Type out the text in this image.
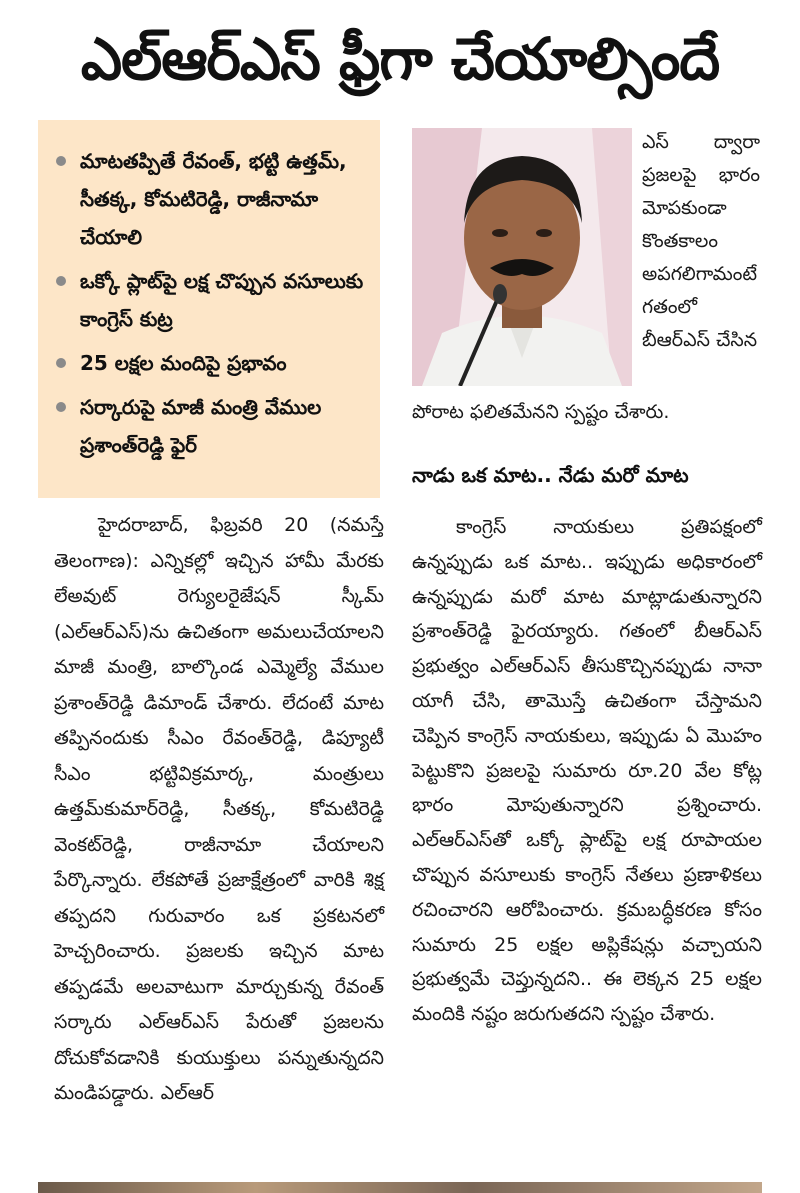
ఎల్‌ఆర్‌ఎస్‌ ఫ్రీగా చేయాల్సిందే
మాటతప్పితే రేవంత్‌, భట్టి ఉత్తమ్‌, సీతక్క, కోమటిరెడ్డి, రాజీనామా చేయాలి
ఒక్కో ప్లాట్‌పై లక్ష చొప్పున వసూలుకు కాంగ్రెస్‌ కుట్ర
25 లక్షల మందిపై ప్రభావం
సర్కారుపై మాజీ మంత్రి వేముల ప్రశాంత్‌రెడ్డి ఫైర్‌
హైదరాబాద్‌, ఫిబ్రవరి 20 (నమస్తే తెలంగాణ): ఎన్నికల్లో ఇచ్చిన హామీ మేరకు లేఅవుట్‌ రెగ్యులరైజేషన్‌ స్కీమ్‌ (ఎల్‌ఆర్‌ఎస్‌)ను ఉచితంగా అమలుచేయాలని మాజీ మంత్రి, బాల్కొండ ఎమ్మెల్యే వేముల ప్రశాంత్‌రెడ్డి డిమాండ్‌ చేశారు. లేదంటే మాట తప్పినందుకు సీఎం రేవంత్‌రెడ్డి, డిప్యూటీ సీఎం భట్టివిక్రమార్క, మంత్రులు ఉత్తమ్‌కుమార్‌రెడ్డి, సీతక్క, కోమటిరెడ్డి వెంకట్‌రెడ్డి, రాజీనామా చేయాలని పేర్కొన్నారు. లేకపోతే ప్రజాక్షేత్రంలో వారికి శిక్ష తప్పదని గురువారం ఒక ప్రకటనలో హెచ్చరించారు. ప్రజలకు ఇచ్చిన మాట తప్పడమే అలవాటుగా మార్చుకున్న రేవంత్‌ సర్కారు ఎల్‌ఆర్‌ఎస్‌ పేరుతో ప్రజలను దోచుకోవడానికి కుయుక్తులు పన్నుతున్నదని మండిపడ్డారు. ఎల్‌ఆర్‌
ఎస్‌ ద్వారా ప్రజలపై భారం మోపకుండా కొంతకాలం అపగలిగామంటే గతంలో బీఆర్‌ఎస్‌ చేసిన
పోరాట ఫలితమేనని స్పష్టం చేశారు.
నాడు ఒక మాట.. నేడు మరో మాట
కాంగ్రెస్‌ నాయకులు ప్రతిపక్షంలో ఉన్నప్పుడు ఒక మాట.. ఇప్పుడు అధికారంలో ఉన్నప్పుడు మరో మాట మాట్లాడుతున్నారని ప్రశాంత్‌రెడ్డి ఫైరయ్యారు. గతంలో బీఆర్‌ఎస్‌ ప్రభుత్వం ఎల్‌ఆర్‌ఎస్‌ తీసుకొచ్చినప్పుడు నానా యాగీ చేసి, తామొస్తే ఉచితంగా చేస్తామని చెప్పిన కాంగ్రెస్‌ నాయకులు, ఇప్పుడు ఏ మొహం పెట్టుకొని ప్రజలపై సుమారు రూ.20 వేల కోట్ల భారం మోపుతున్నారని ప్రశ్నించారు. ఎల్‌ఆర్‌ఎస్‌తో ఒక్కో ప్లాట్‌పై లక్ష రూపాయల చొప్పున వసూలుకు కాంగ్రెస్‌ నేతలు ప్రణాళికలు రచించారని ఆరోపించారు. క్రమబద్ధీకరణ కోసం సుమారు 25 లక్షల అప్లికేషన్లు వచ్చాయని ప్రభుత్వమే చెప్తున్నదని.. ఈ లెక్కన 25 లక్షల మందికి నష్టం జరుగుతదని స్పష్టం చేశారు.
